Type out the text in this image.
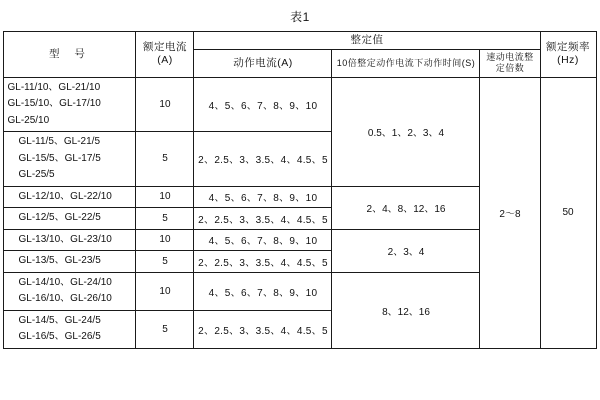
表1
型 号	额定电流(A)	整定值			额定频率(Hz)
		动作电流(A)	10倍整定动作电流下动作时间(S)	速动电流整定倍数	

GL-11/10、GL-21/10
GL-15/10、GL-17/10
GL-25/10	10	4、5、6、7、8、9、10	0.5、1、2、3、4	2～8	50

GL-11/5、GL-21/5
GL-15/5、GL-17/5
GL-25/5	5	2、2.5、3、3.5、4、4.5、5			

GL-12/10、GL-22/10	10	4、5、6、7、8、9、10	2、4、8、12、16		

GL-12/5、GL-22/5	5	2、2.5、3、3.5、4、4.5、5			

GL-13/10、GL-23/10	10	4、5、6、7、8、9、10	2、3、4		

GL-13/5、GL-23/5	5	2、2.5、3、3.5、4、4.5、5			

GL-14/10、GL-24/10
GL-16/10、GL-26/10	10	4、5、6、7、8、9、10	8、12、16		

GL-14/5、GL-24/5
GL-16/5、GL-26/5	5	2、2.5、3、3.5、4、4.5、5			
